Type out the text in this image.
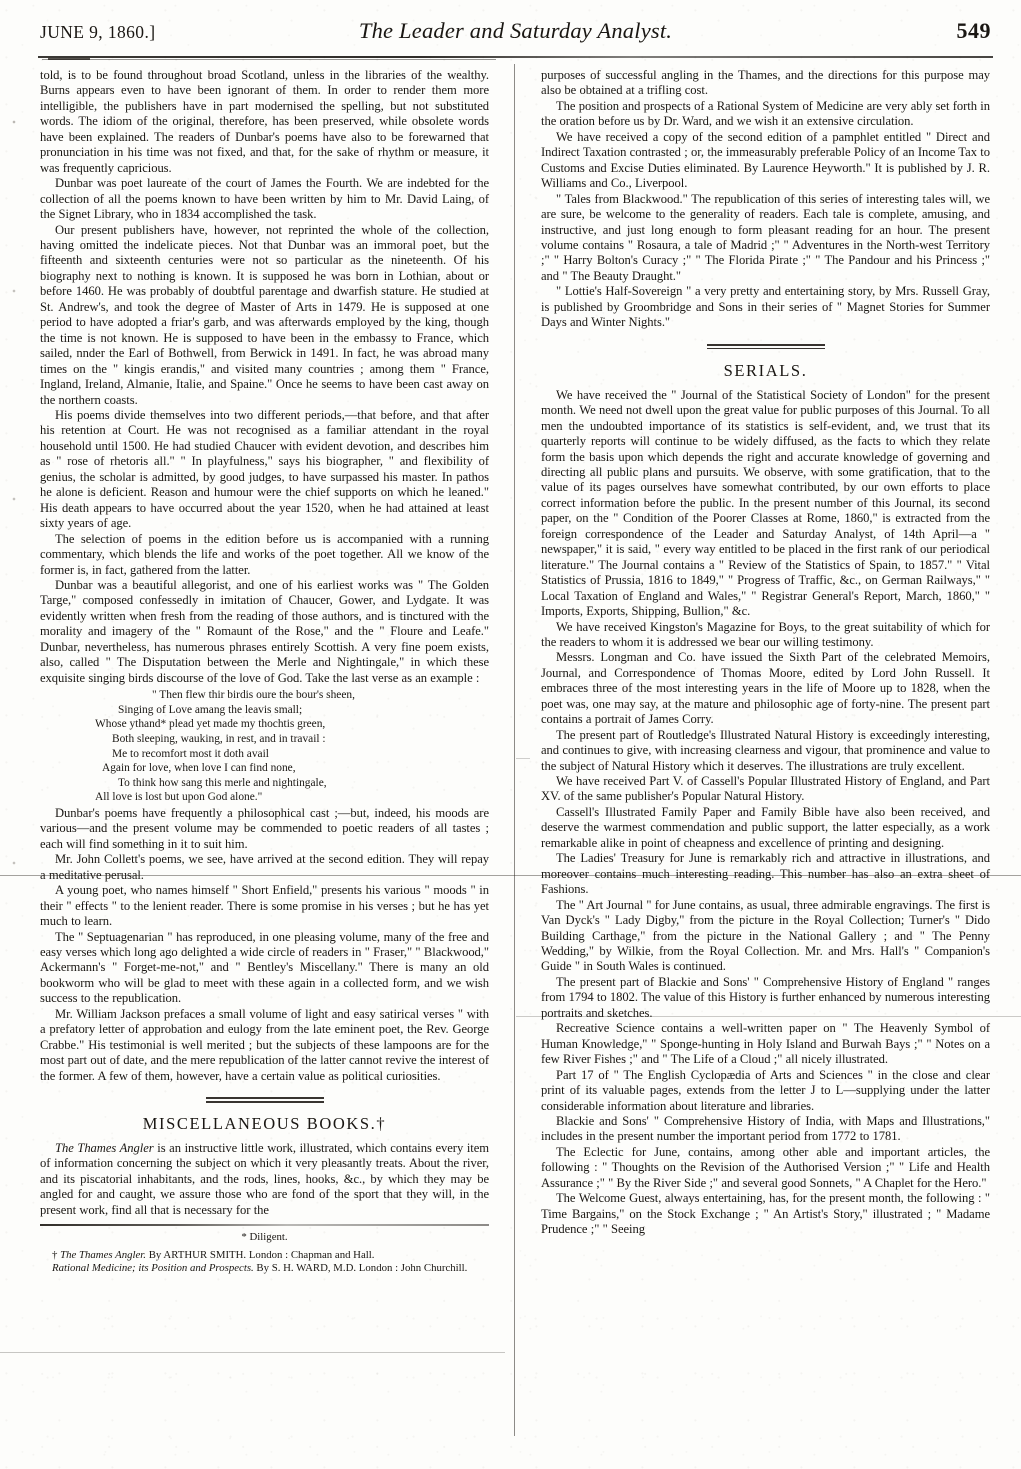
JUNE 9, 1860.]	The Leader and Saturday Analyst.	549

told, is to be found throughout broad Scotland, unless in the libraries of the wealthy. Burns appears even to have been ignorant of them. In order to render them more intelligible, the publishers have in part modernised the spelling, but not substituted words. The idiom of the original, therefore, has been preserved, while obsolete words have been explained. The readers of Dunbar's poems have also to be forewarned that pronunciation in his time was not fixed, and that, for the sake of rhythm or measure, it was frequently capricious.

Dunbar was poet laureate of the court of James the Fourth. We are indebted for the collection of all the poems known to have been written by him to Mr. David Laing, of the Signet Library, who in 1834 accomplished the task.

Our present publishers have, however, not reprinted the whole of the collection, having omitted the indelicate pieces. Not that Dunbar was an immoral poet, but the fifteenth and sixteenth centuries were not so particular as the nineteenth. Of his biography next to nothing is known. It is supposed he was born in Lothian, about or before 1460. He was probably of doubtful parentage and dwarfish stature. He studied at St. Andrew's, and took the degree of Master of Arts in 1479. He is supposed at one period to have adopted a friar's garb, and was afterwards employed by the king, though the time is not known. He is supposed to have been in the embassy to France, which sailed, nnder the Earl of Bothwell, from Berwick in 1491. In fact, he was abroad many times on the " kingis erandis," and visited many countries ; among them " France, Ingland, Ireland, Almanie, Italie, and Spaine." Once he seems to have been cast away on the northern coasts.

His poems divide themselves into two different periods,—that before, and that after his retention at Court. He was not recognised as a familiar attendant in the royal household until 1500. He had studied Chaucer with evident devotion, and describes him as " rose of rhetoris all." " In playfulness," says his biographer, " and flexibility of genius, the scholar is admitted, by good judges, to have surpassed his master. In pathos he alone is deficient. Reason and humour were the chief supports on which he leaned." His death appears to have occurred about the year 1520, when he had attained at least sixty years of age.

The selection of poems in the edition before us is accompanied with a running commentary, which blends the life and works of the poet together. All we know of the former is, in fact, gathered from the latter.

Dunbar was a beautiful allegorist, and one of his earliest works was " The Golden Targe," composed confessedly in imitation of Chaucer, Gower, and Lydgate. It was evidently written when fresh from the reading of those authors, and is tinctured with the morality and imagery of the " Romaunt of the Rose," and the " Floure and Leafe." Dunbar, nevertheless, has numerous phrases entirely Scottish. A very fine poem exists, also, called " The Disputation between the Merle and Nightingale," in which these exquisite singing birds discourse of the love of God. Take the last verse as an example :

" Then flew thir birdis oure the bour's sheen,
Singing of Love amang the leavis small;
Whose ythand* plead yet made my thochtis green,
Both sleeping, wauking, in rest, and in travail :
Me to recomfort most it doth avail
Again for love, when love I can find none,
To think how sang this merle and nightingale,
All love is lost but upon God alone."

Dunbar's poems have frequently a philosophical cast ;—but, indeed, his moods are various—and the present volume may be commended to poetic readers of all tastes ; each will find something in it to suit him.

Mr. John Collett's poems, we see, have arrived at the second edition. They will repay a meditative perusal.

A young poet, who names himself " Short Enfield," presents his various " moods " in their " effects " to the lenient reader. There is some promise in his verses ; but he has yet much to learn.

The " Septuagenarian " has reproduced, in one pleasing volume, many of the free and easy verses which long ago delighted a wide circle of readers in " Fraser," " Blackwood," Ackermann's " Forget-me-not," and " Bentley's Miscellany." There is many an old bookworm who will be glad to meet with these again in a collected form, and we wish success to the republication.

Mr. William Jackson prefaces a small volume of light and easy satirical verses " with a prefatory letter of approbation and eulogy from the late eminent poet, the Rev. George Crabbe." His testimonial is well merited ; but the subjects of these lampoons are for the most part out of date, and the mere republication of the latter cannot revive the interest of the former. A few of them, however, have a certain value as political curiosities.

MISCELLANEOUS BOOKS.†

The Thames Angler is an instructive little work, illustrated, which contains every item of information concerning the subject on which it very pleasantly treats. About the river, and its piscatorial inhabitants, and the rods, lines, hooks, &c., by which they may be angled for and caught, we assure those who are fond of the sport that they will, in the present work, find all that is necessary for the

* Diligent.

† The Thames Angler. By ARTHUR SMITH. London : Chapman and Hall.

Rational Medicine; its Position and Prospects. By S. H. WARD, M.D. London : John Churchill.

purposes of successful angling in the Thames, and the directions for this purpose may also be obtained at a trifling cost.

The position and prospects of a Rational System of Medicine are very ably set forth in the oration before us by Dr. Ward, and we wish it an extensive circulation.

We have received a copy of the second edition of a pamphlet entitled " Direct and Indirect Taxation contrasted ; or, the immeasurably preferable Policy of an Income Tax to Customs and Excise Duties eliminated. By Laurence Heyworth." It is published by J. R. Williams and Co., Liverpool.

" Tales from Blackwood." The republication of this series of interesting tales will, we are sure, be welcome to the generality of readers. Each tale is complete, amusing, and instructive, and just long enough to form pleasant reading for an hour. The present volume contains " Rosaura, a tale of Madrid ;" " Adventures in the North-west Territory ;" " Harry Bolton's Curacy ;" " The Florida Pirate ;" " The Pandour and his Princess ;" and " The Beauty Draught."

" Lottie's Half-Sovereign " a very pretty and entertaining story, by Mrs. Russell Gray, is published by Groombridge and Sons in their series of " Magnet Stories for Summer Days and Winter Nights."

SERIALS.

We have received the " Journal of the Statistical Society of London" for the present month. We need not dwell upon the great value for public purposes of this Journal. To all men the undoubted importance of its statistics is self-evident, and, we trust that its quarterly reports will continue to be widely diffused, as the facts to which they relate form the basis upon which depends the right and accurate knowledge of governing and directing all public plans and pursuits. We observe, with some gratification, that to the value of its pages ourselves have somewhat contributed, by our own efforts to place correct information before the public. In the present number of this Journal, its second paper, on the " Condition of the Poorer Classes at Rome, 1860," is extracted from the foreign correspondence of the Leader and Saturday Analyst, of 14th April—a " newspaper," it is said, " every way entitled to be placed in the first rank of our periodical literature." The Journal contains a " Review of the Statistics of Spain, to 1857." " Vital Statistics of Prussia, 1816 to 1849," " Progress of Traffic, &c., on German Railways," " Local Taxation of England and Wales," " Registrar General's Report, March, 1860," " Imports, Exports, Shipping, Bullion," &c.

We have received Kingston's Magazine for Boys, to the great suitability of which for the readers to whom it is addressed we bear our willing testimony.

Messrs. Longman and Co. have issued the Sixth Part of the celebrated Memoirs, Journal, and Correspondence of Thomas Moore, edited by Lord John Russell. It embraces three of the most interesting years in the life of Moore up to 1828, when the poet was, one may say, at the mature and philosophic age of forty-nine. The present part contains a portrait of James Corry.

The present part of Routledge's Illustrated Natural History is exceedingly interesting, and continues to give, with increasing clearness and vigour, that prominence and value to the subject of Natural History which it deserves. The illustrations are truly excellent.

We have received Part V. of Cassell's Popular Illustrated History of England, and Part XV. of the same publisher's Popular Natural History.

Cassell's Illustrated Family Paper and Family Bible have also been received, and deserve the warmest commendation and public support, the latter especially, as a work remarkable alike in point of cheapness and excellence of printing and designing.

The Ladies' Treasury for June is remarkably rich and attractive in illustrations, and moreover contains much interesting reading. This number has also an extra sheet of Fashions.

The " Art Journal " for June contains, as usual, three admirable engravings. The first is Van Dyck's " Lady Digby," from the picture in the Royal Collection; Turner's " Dido Building Carthage," from the picture in the National Gallery ; and " The Penny Wedding," by Wilkie, from the Royal Collection. Mr. and Mrs. Hall's " Companion's Guide " in South Wales is continued.

The present part of Blackie and Sons' " Comprehensive History of England " ranges from 1794 to 1802. The value of this History is further enhanced by numerous interesting portraits and sketches.

Recreative Science contains a well-written paper on " The Heavenly Symbol of Human Knowledge," " Sponge-hunting in Holy Island and Burwah Bays ;" " Notes on a few River Fishes ;" and " The Life of a Cloud ;" all nicely illustrated.

Part 17 of " The English Cyclopædia of Arts and Sciences " in the close and clear print of its valuable pages, extends from the letter J to L—supplying under the latter considerable information about literature and libraries.

Blackie and Sons' " Comprehensive History of India, with Maps and Illustrations," includes in the present number the important period from 1772 to 1781.

The Eclectic for June, contains, among other able and important articles, the following : " Thoughts on the Revision of the Authorised Version ;" " Life and Health Assurance ;" " By the River Side ;" and several good Sonnets, " A Chaplet for the Hero."

The Welcome Guest, always entertaining, has, for the present month, the following : " Time Bargains," on the Stock Exchange ; " An Artist's Story," illustrated ; " Madame Prudence ;" " Seeing
